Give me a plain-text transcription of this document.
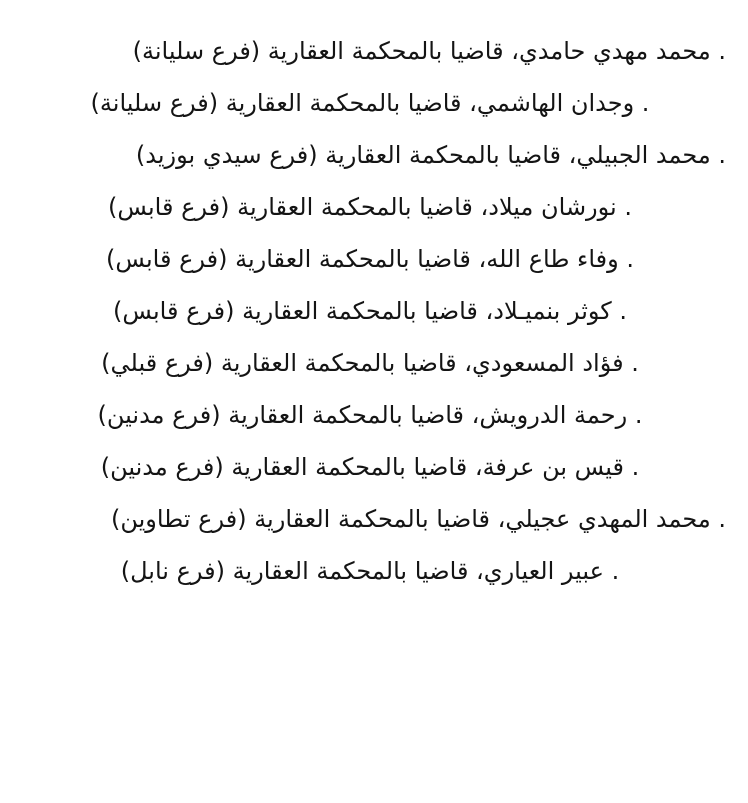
. محمد مهدي حامدي، قاضيا بالمحكمة العقارية (فرع سليانة)

. وجدان الهاشمي، قاضيا بالمحكمة العقارية (فرع سليانة)

. محمد الجبيلي، قاضيا بالمحكمة العقارية (فرع سيدي بوزيد)

. نورشان ميلاد، قاضيا بالمحكمة العقارية (فرع قابس)

. وفاء طاع الله، قاضيا بالمحكمة العقارية (فرع قابس)

. كوثر بنميـلاد، قاضيا بالمحكمة العقارية (فرع قابس)

. فؤاد المسعودي، قاضيا بالمحكمة العقارية (فرع قبلي)

. رحمة الدرويش، قاضيا بالمحكمة العقارية (فرع مدنين)

. قيس بن عرفة، قاضيا بالمحكمة العقارية (فرع مدنين)

. محمد المهدي عجيلي، قاضيا بالمحكمة العقارية (فرع تطاوين)

. عبير العياري، قاضيا بالمحكمة العقارية (فرع نابل)
